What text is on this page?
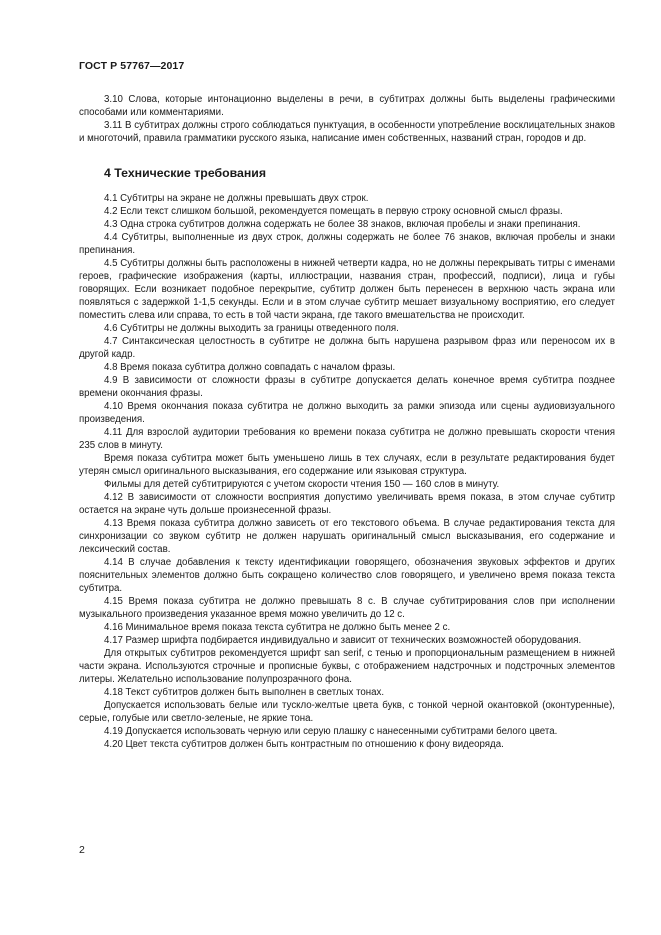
ГОСТ Р 57767—2017

3.10 Слова, которые интонационно выделены в речи, в субтитрах должны быть выделены графическими способами или комментариями.

3.11 В субтитрах должны строго соблюдаться пунктуация, в особенности употребление восклицательных знаков и многоточий, правила грамматики русского языка, написание имен собственных, названий стран, городов и др.

4 Технические требования

4.1 Субтитры на экране не должны превышать двух строк.

4.2 Если текст слишком большой, рекомендуется помещать в первую строку основной смысл фразы.

4.3 Одна строка субтитров должна содержать не более 38 знаков, включая пробелы и знаки препинания.

4.4 Субтитры, выполненные из двух строк, должны содержать не более 76 знаков, включая пробелы и знаки препинания.

4.5 Субтитры должны быть расположены в нижней четверти кадра, но не должны перекрывать титры с именами героев, графические изображения (карты, иллюстрации, названия стран, профессий, подписи), лица и губы говорящих. Если возникает подобное перекрытие, субтитр должен быть перенесен в верхнюю часть экрана или появляться с задержкой 1-1,5 секунды. Если и в этом случае субтитр мешает визуальному восприятию, его следует поместить слева или справа, то есть в той части экрана, где такого вмешательства не происходит.

4.6 Субтитры не должны выходить за границы отведенного поля.

4.7 Синтаксическая целостность в субтитре не должна быть нарушена разрывом фраз или переносом их в другой кадр.

4.8 Время показа субтитра должно совпадать с началом фразы.

4.9 В зависимости от сложности фразы в субтитре допускается делать конечное время субтитра позднее времени окончания фразы.

4.10 Время окончания показа субтитра не должно выходить за рамки эпизода или сцены аудиовизуального произведения.

4.11 Для взрослой аудитории требования ко времени показа субтитра не должно превышать скорости чтения 235 слов в минуту.

Время показа субтитра может быть уменьшено лишь в тех случаях, если в результате редактирования будет утерян смысл оригинального высказывания, его содержание или языковая структура.

Фильмы для детей субтитрируются с учетом скорости чтения 150 — 160 слов в минуту.

4.12 В зависимости от сложности восприятия допустимо увеличивать время показа, в этом случае субтитр остается на экране чуть дольше произнесенной фразы.

4.13 Время показа субтитра должно зависеть от его текстового объема. В случае редактирования текста для синхронизации со звуком субтитр не должен нарушать оригинальный смысл высказывания, его содержание и лексический состав.

4.14 В случае добавления к тексту идентификации говорящего, обозначения звуковых эффектов и других пояснительных элементов должно быть сокращено количество слов говорящего, и увеличено время показа текста субтитра.

4.15 Время показа субтитра не должно превышать 8 с. В случае субтитрирования слов при исполнении музыкального произведения указанное время можно увеличить до 12 с.

4.16 Минимальное время показа текста субтитра не должно быть менее 2 с.

4.17 Размер шрифта подбирается индивидуально и зависит от технических возможностей оборудования.

Для открытых субтитров рекомендуется шрифт san serif, с тенью и пропорциональным размещением в нижней части экрана. Используются строчные и прописные буквы, с отображением надстрочных и подстрочных элементов литеры. Желательно использование полупрозрачного фона.

4.18 Текст субтитров должен быть выполнен в светлых тонах.

Допускается использовать белые или тускло-желтые цвета букв, с тонкой черной окантовкой (оконтуренные), серые, голубые или светло-зеленые, не яркие тона.

4.19 Допускается использовать черную или серую плашку с нанесенными субтитрами белого цвета.

4.20 Цвет текста субтитров должен быть контрастным по отношению к фону видеоряда.

2
